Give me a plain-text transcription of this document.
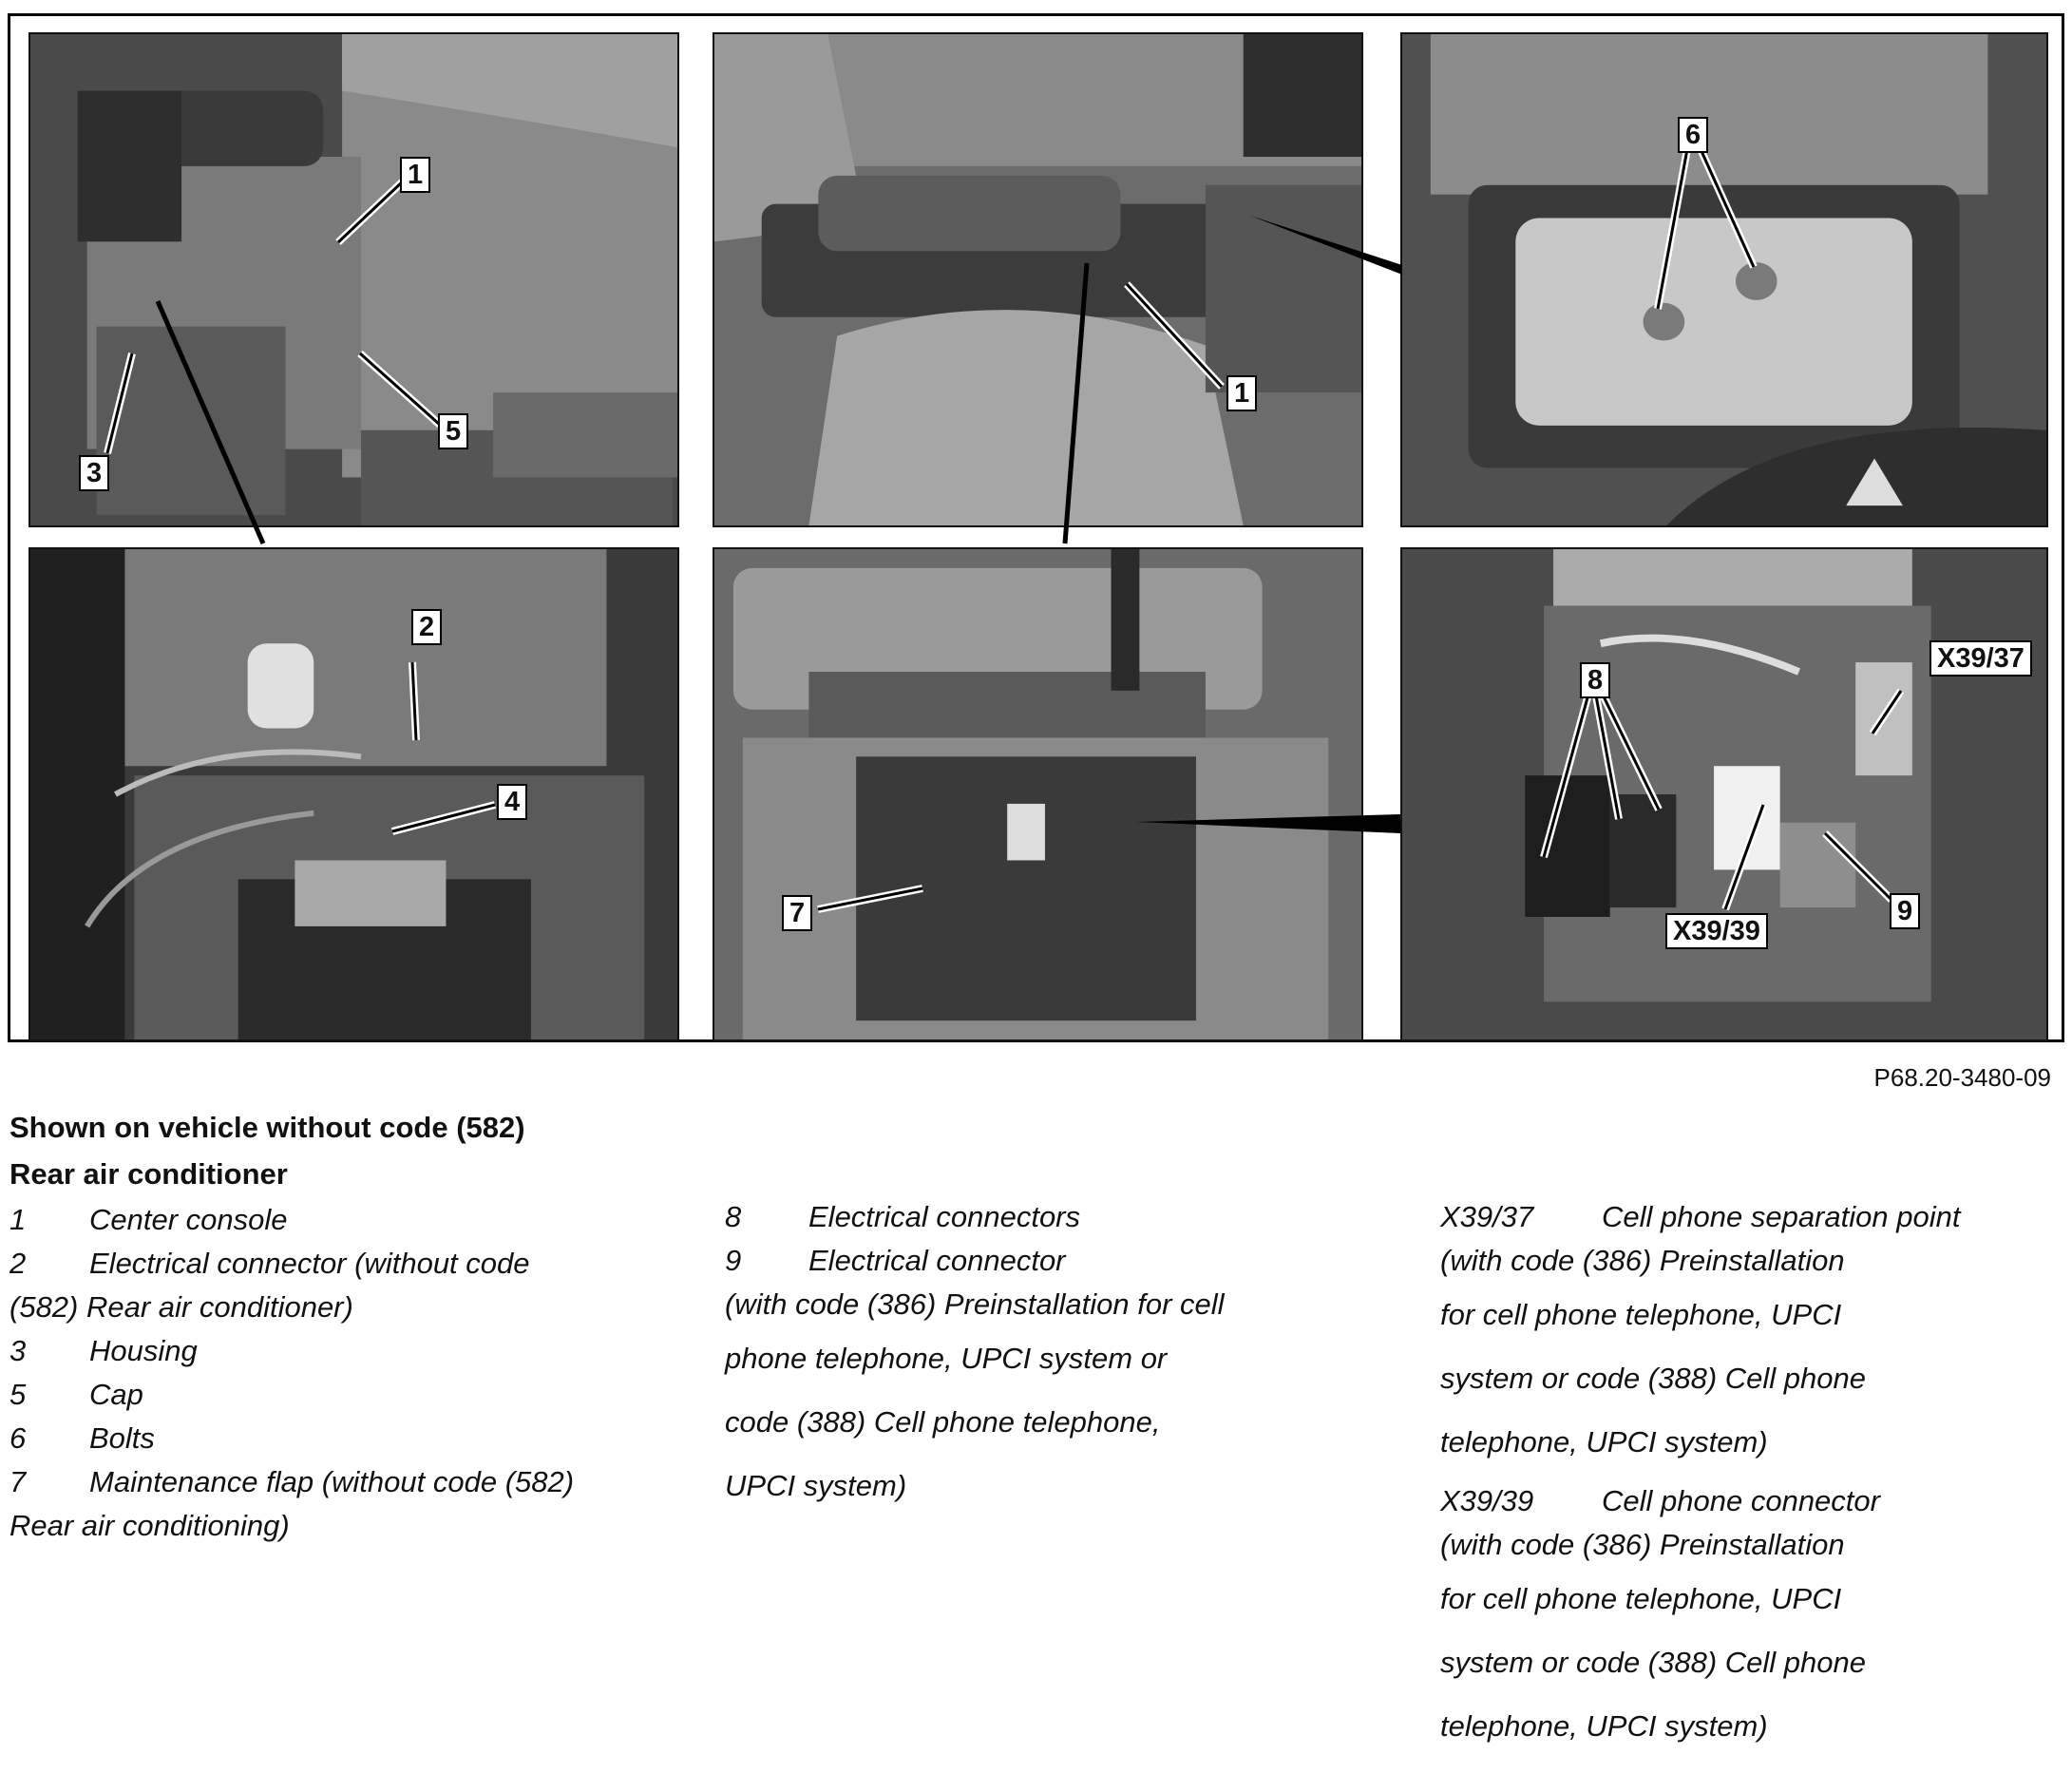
1
3
5
1
6
2
4
7
X39/37
8
9
X39/39
P68.20-3480-09
Shown on vehicle without code (582)
Rear air conditioner
1 Center console
2 Electrical connector (without code
(582) Rear air conditioner)
3 Housing
5 Cap
6 Bolts
7 Maintenance flap (without code (582)
Rear air conditioning)
8 Electrical connectors
9 Electrical connector
(with code (386) Preinstallation for cell
phone telephone, UPCI system or
code (388) Cell phone telephone,
UPCI system)
X39/37 Cell phone separation point
(with code (386) Preinstallation
for cell phone telephone, UPCI
system or code (388) Cell phone
telephone, UPCI system)
X39/39 Cell phone connector
(with code (386) Preinstallation
for cell phone telephone, UPCI
system or code (388) Cell phone
telephone, UPCI system)
